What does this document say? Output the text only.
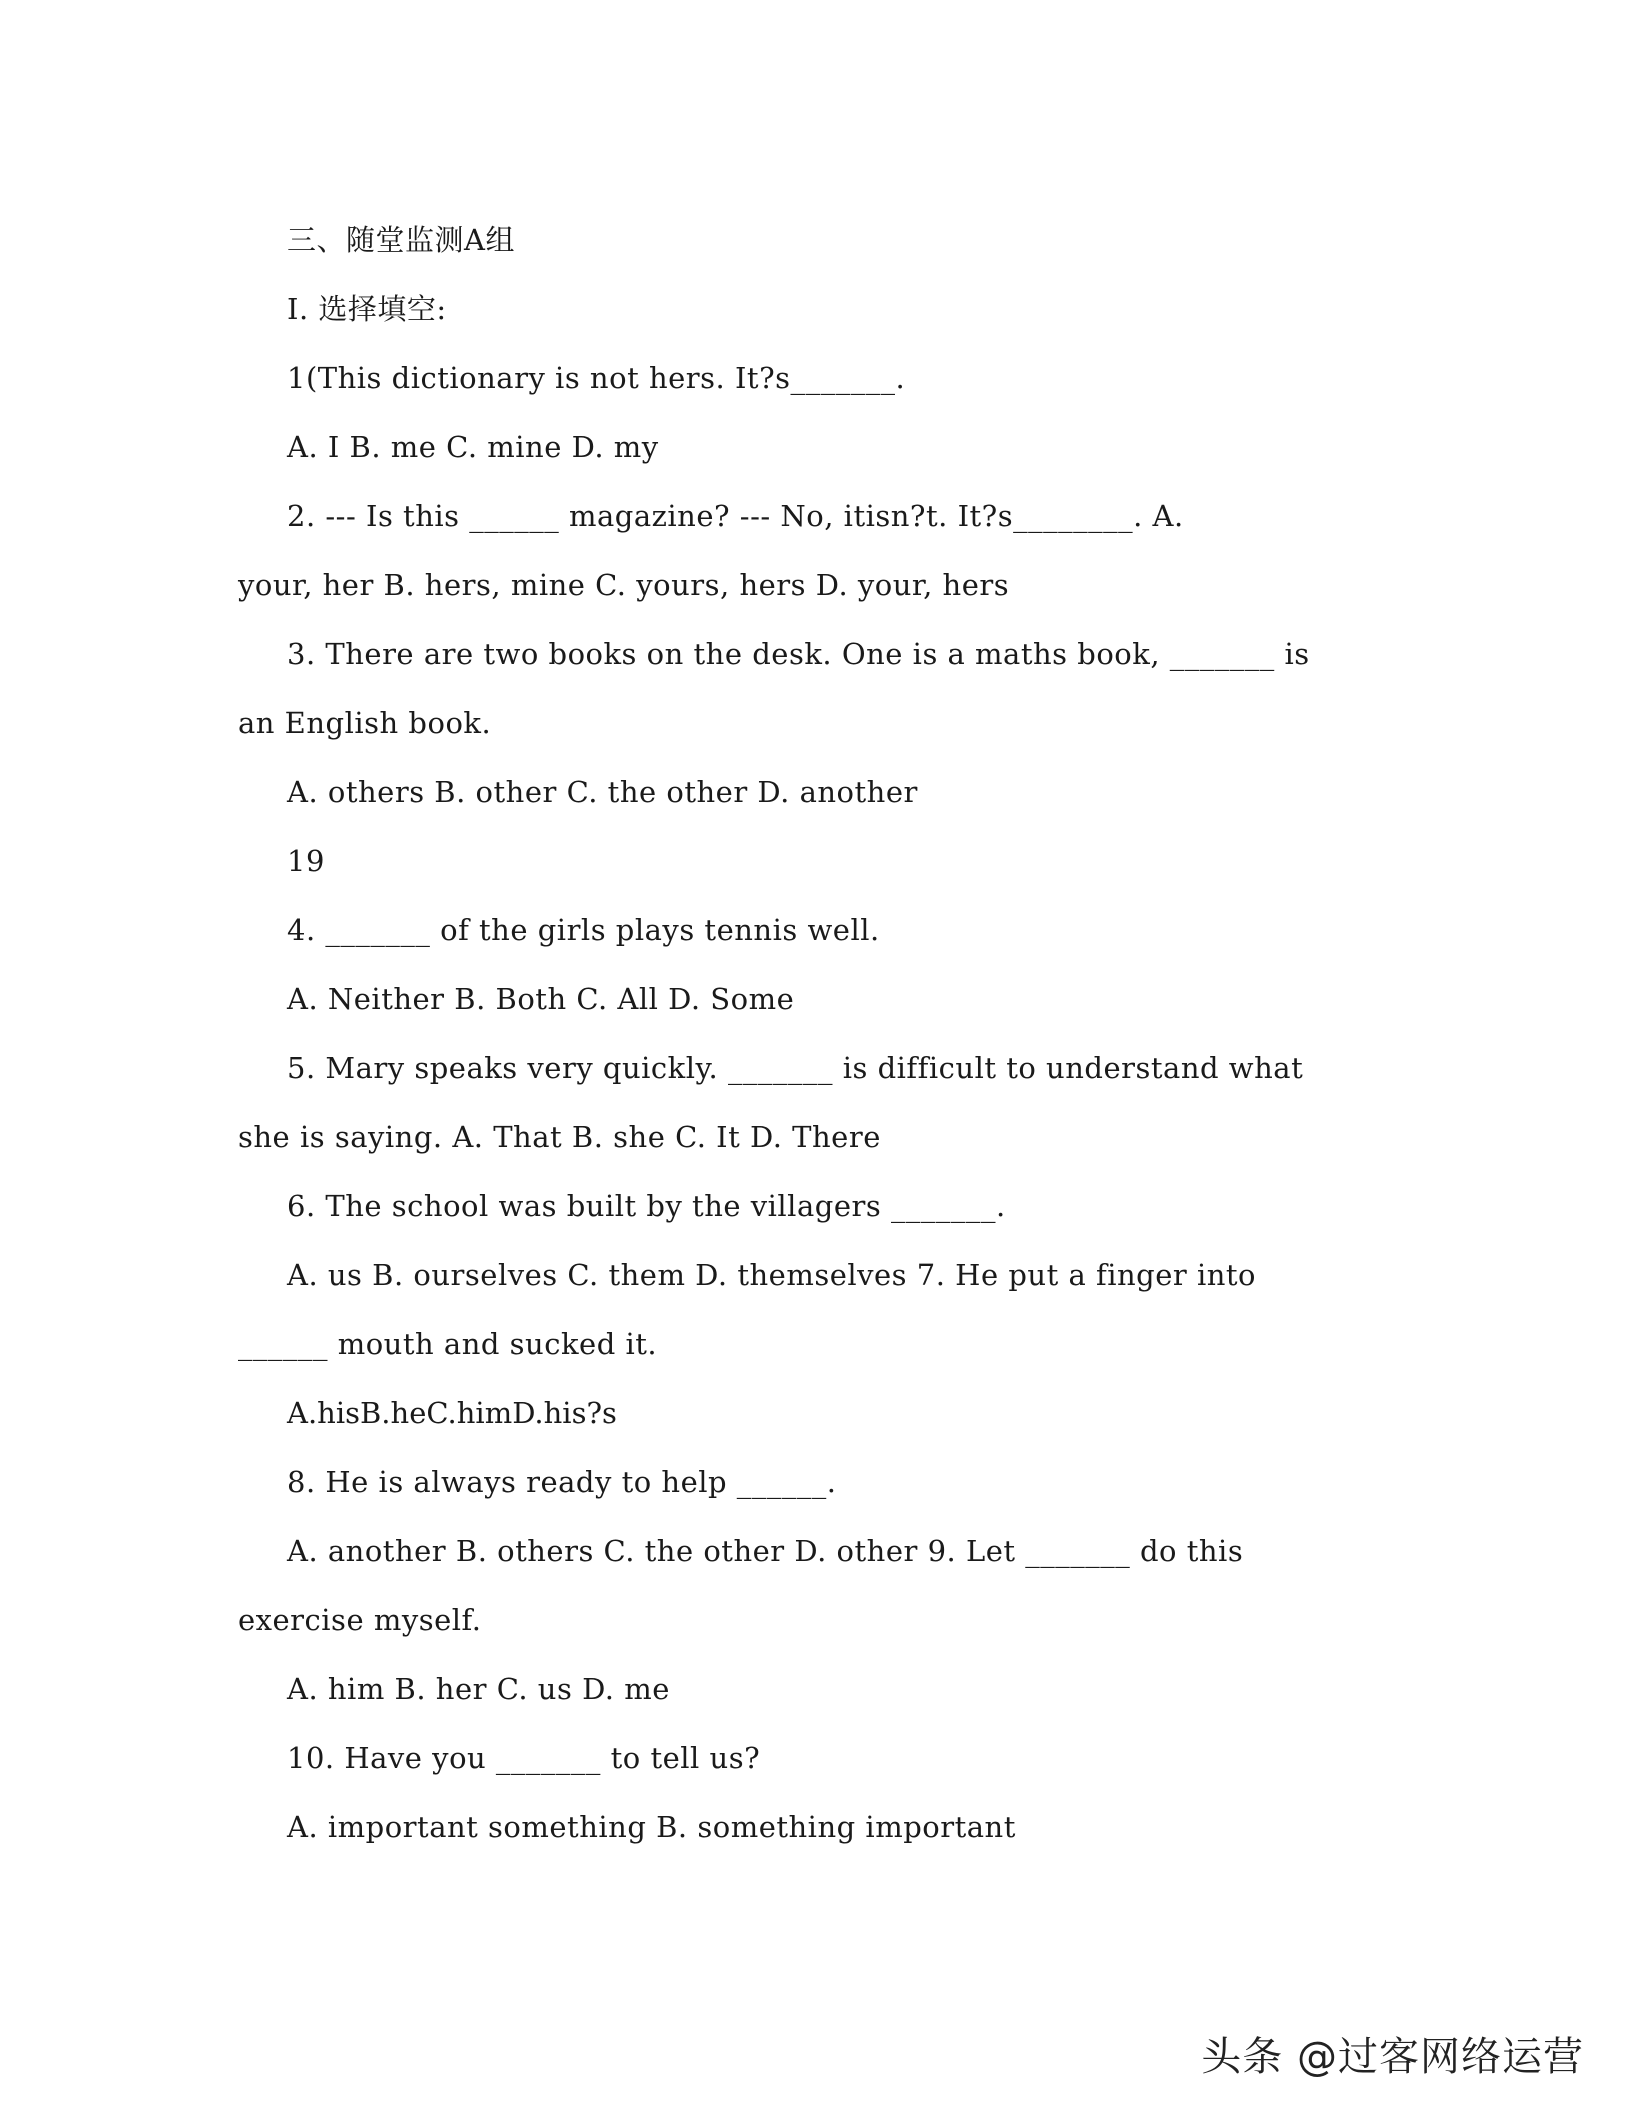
三、随堂监测A组
I. 选择填空:
1(This dictionary is not hers. It?s_______.
A. I B. me C. mine D. my
2. --- Is this ______ magazine? --- No, itisn?t. It?s________. A.
your, her B. hers, mine C. yours, hers D. your, hers
3. There are two books on the desk. One is a maths book, _______ is
an English book.
A. others B. other C. the other D. another
19
4. _______ of the girls plays tennis well.
A. Neither B. Both C. All D. Some
5. Mary speaks very quickly. _______ is difficult to understand what
she is saying. A. That B. she C. It D. There
6. The school was built by the villagers _______.
A. us B. ourselves C. them D. themselves 7. He put a finger into
______ mouth and sucked it.
A.hisB.heC.himD.his?s
8. He is always ready to help ______.
A. another B. others C. the other D. other 9. Let _______ do this
exercise myself.
A. him B. her C. us D. me
10. Have you _______ to tell us?
A. important something B. something important
头条 @过客网络运营
